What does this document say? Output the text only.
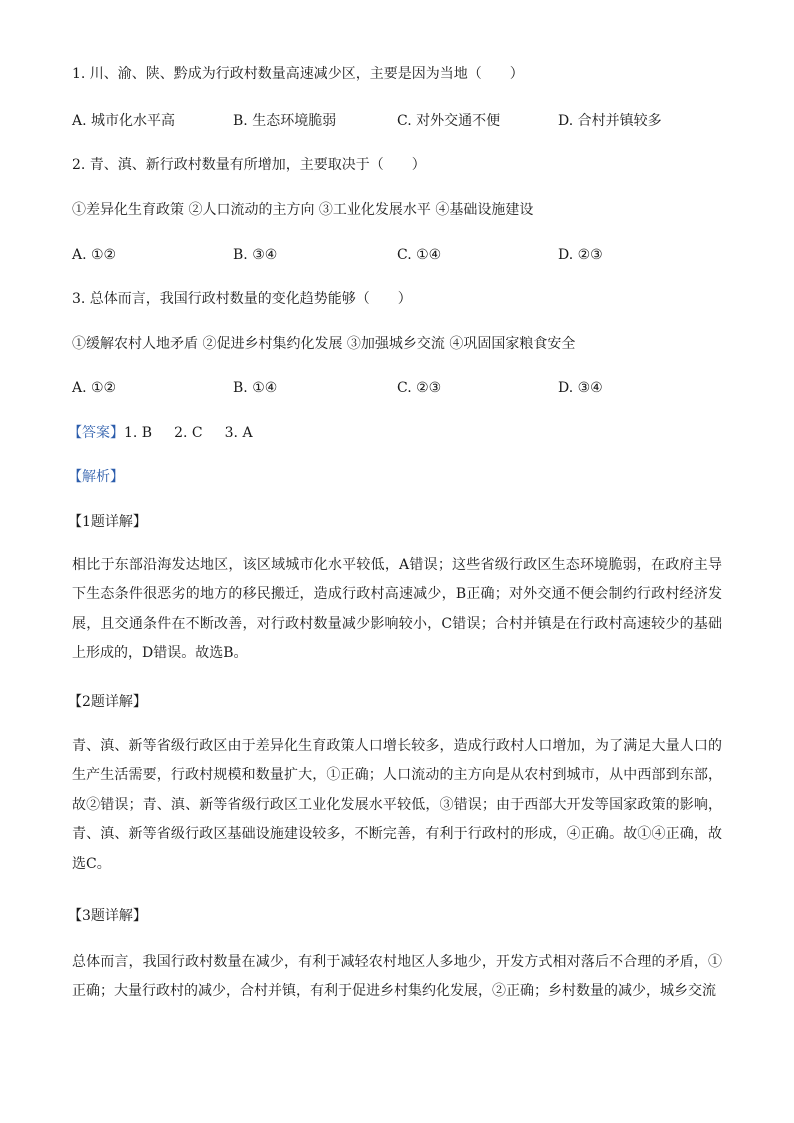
1. 川、渝、陕、黔成为行政村数量高速减少区，主要是因为当地（　　）
A. 城市化水平高	B. 生态环境脆弱	C. 对外交通不便	D. 合村并镇较多
2. 青、滇、新行政村数量有所增加，主要取决于（　　）
①差异化生育政策 ②人口流动的主方向 ③工业化发展水平 ④基础设施建设
A. ①②	B. ③④	C. ①④	D. ②③
3. 总体而言，我国行政村数量的变化趋势能够（　　）
①缓解农村人地矛盾 ②促进乡村集约化发展 ③加强城乡交流 ④巩固国家粮食安全
A. ①②	B. ①④	C. ②③	D. ③④
【答案】1. B 2. C 3. A
【解析】
【1题详解】

相比于东部沿海发达地区，该区域城市化水平较低，A错误；这些省级行政区生态环境脆弱，在政府主导下生态条件很恶劣的地方的移民搬迁，造成行政村高速减少，B正确；对外交通不便会制约行政村经济发展，且交通条件在不断改善，对行政村数量减少影响较小，C错误；合村并镇是在行政村高速较少的基础上形成的，D错误。故选B。

【2题详解】

青、滇、新等省级行政区由于差异化生育政策人口增长较多，造成行政村人口增加，为了满足大量人口的生产生活需要，行政村规模和数量扩大，①正确；人口流动的主方向是从农村到城市，从中西部到东部，故②错误；青、滇、新等省级行政区工业化发展水平较低，③错误；由于西部大开发等国家政策的影响，青、滇、新等省级行政区基础设施建设较多，不断完善，有利于行政村的形成，④正确。故①④正确，故选C。

【3题详解】

总体而言，我国行政村数量在减少，有利于减轻农村地区人多地少，开发方式相对落后不合理的矛盾，①正确；大量行政村的减少，合村并镇，有利于促进乡村集约化发展，②正确；乡村数量的减少，城乡交流
